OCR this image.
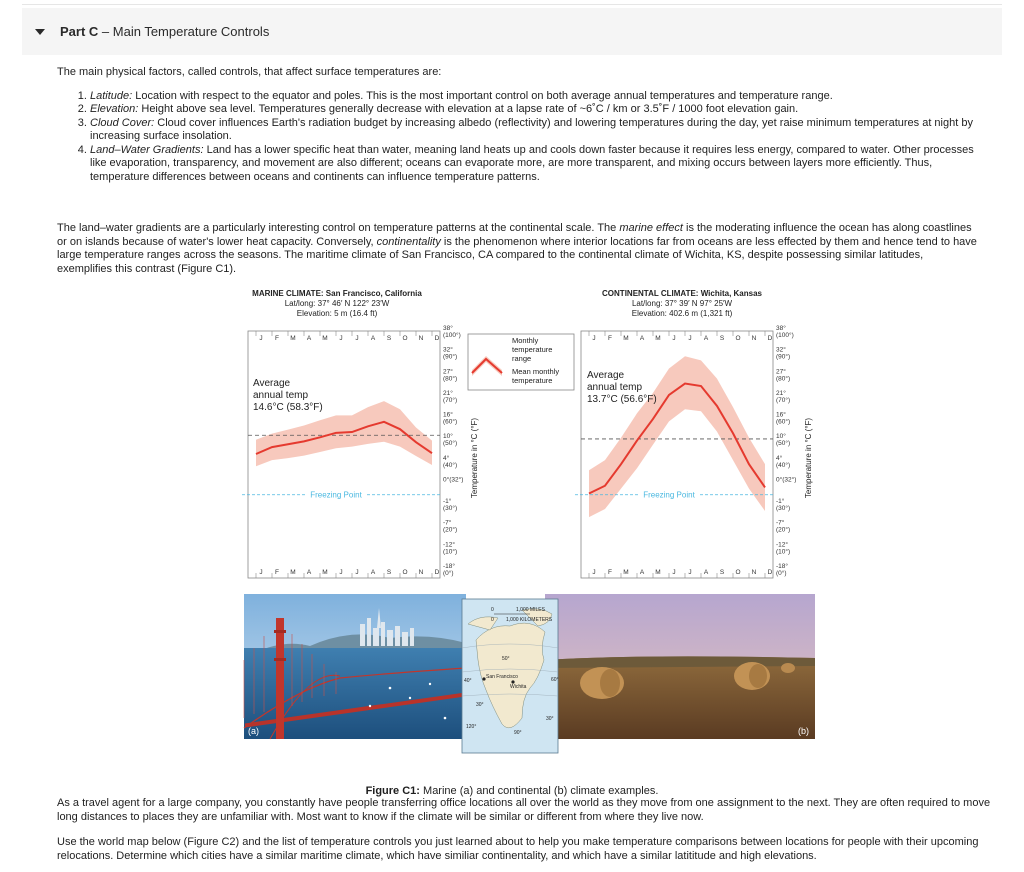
Part C – Main Temperature Controls

The main physical factors, called controls, that affect surface temperatures are:

1. Latitude: Location with respect to the equator and poles. This is the most important control on both average annual temperatures and temperature range.
2. Elevation: Height above sea level. Temperatures generally decrease with elevation at a lapse rate of ~6˚C / km or 3.5˚F / 1000 foot elevation gain.
3. Cloud Cover: Cloud cover influences Earth's radiation budget by increasing albedo (reflectivity) and lowering temperatures during the day, yet raise minimum temperatures at night by increasing surface insolation.
4. Land–Water Gradients: Land has a lower specific heat than water, meaning land heats up and cools down faster because it requires less energy, compared to water. Other processes like evaporation, transparency, and movement are also different; oceans can evaporate more, are more transparent, and mixing occurs between layers more efficiently. Thus, temperature differences between oceans and continents can influence temperature patterns.

The land–water gradients are a particularly interesting control on temperature patterns at the continental scale. The marine effect is the moderating influence the ocean has along coastlines or on islands because of water's lower heat capacity. Conversely, continentality is the phenomenon where interior locations far from oceans are less effected by them and hence tend to have large temperature ranges across the seasons. The maritime climate of San Francisco, CA compared to the continental climate of Wichita, KS, despite possessing similar latitudes, exemplifies this contrast (Figure C1).

MARINE CLIMATE: San Francisco, California
Lat/long: 37° 46′ N 122° 23′W
Elevation: 5 m (16.4 ft)
CONTINENTAL CLIMATE: Wichita, Kansas
Lat/long: 37° 39′ N 97° 25′W
Elevation: 402.6 m (1,321 ft)
J
J
F
F
M
M
A
A
M
M
J
J
J
J
A
A
S
S
O
O
N
N
D
D
Freezing Point
38°
(100°)
32°
(90°)
27°
(80°)
21°
(70°)
16°
(60°)
10°
(50°)
4°
(40°)
0°(32°)
-1°
(30°)
-7°
(20°)
-12°
(10°)
-18°
(0°)
J
J
F
F
M
M
A
A
M
M
J
J
J
J
A
A
S
S
O
O
N
N
D
D
Freezing Point
38°
(100°)
32°
(90°)
27°
(80°)
21°
(70°)
16°
(60°)
10°
(50°)
4°
(40°)
0°(32°)
-1°
(30°)
-7°
(20°)
-12°
(10°)
-18°
(0°)
Average
annual temp
14.6°C (58.3°F)
Average
annual temp
13.7°C (56.6°F)
Temperature in °C (°F)	Temperature in °C (°F)
Monthly
temperature
range
Mean monthly
temperature
(a)	(b)
San Francisco
Wichita
0	1,000 MILES
0 1,000 KILOMETERS
50°
40°
30°
60°
120°
90°
30°

Figure C1: Marine (a) and continental (b) climate examples.

As a travel agent for a large company, you constantly have people transferring office locations all over the world as they move from one assignment to the next. They are often required to move long distances to places they are unfamiliar with. Most want to know if the climate will be similar or different from where they live now.

Use the world map below (Figure C2) and the list of temperature controls you just learned about to help you make temperature comparisons between locations for people with their upcoming relocations. Determine which cities have a similar maritime climate, which have similiar continentality, and which have a similar latititude and high elevations.
